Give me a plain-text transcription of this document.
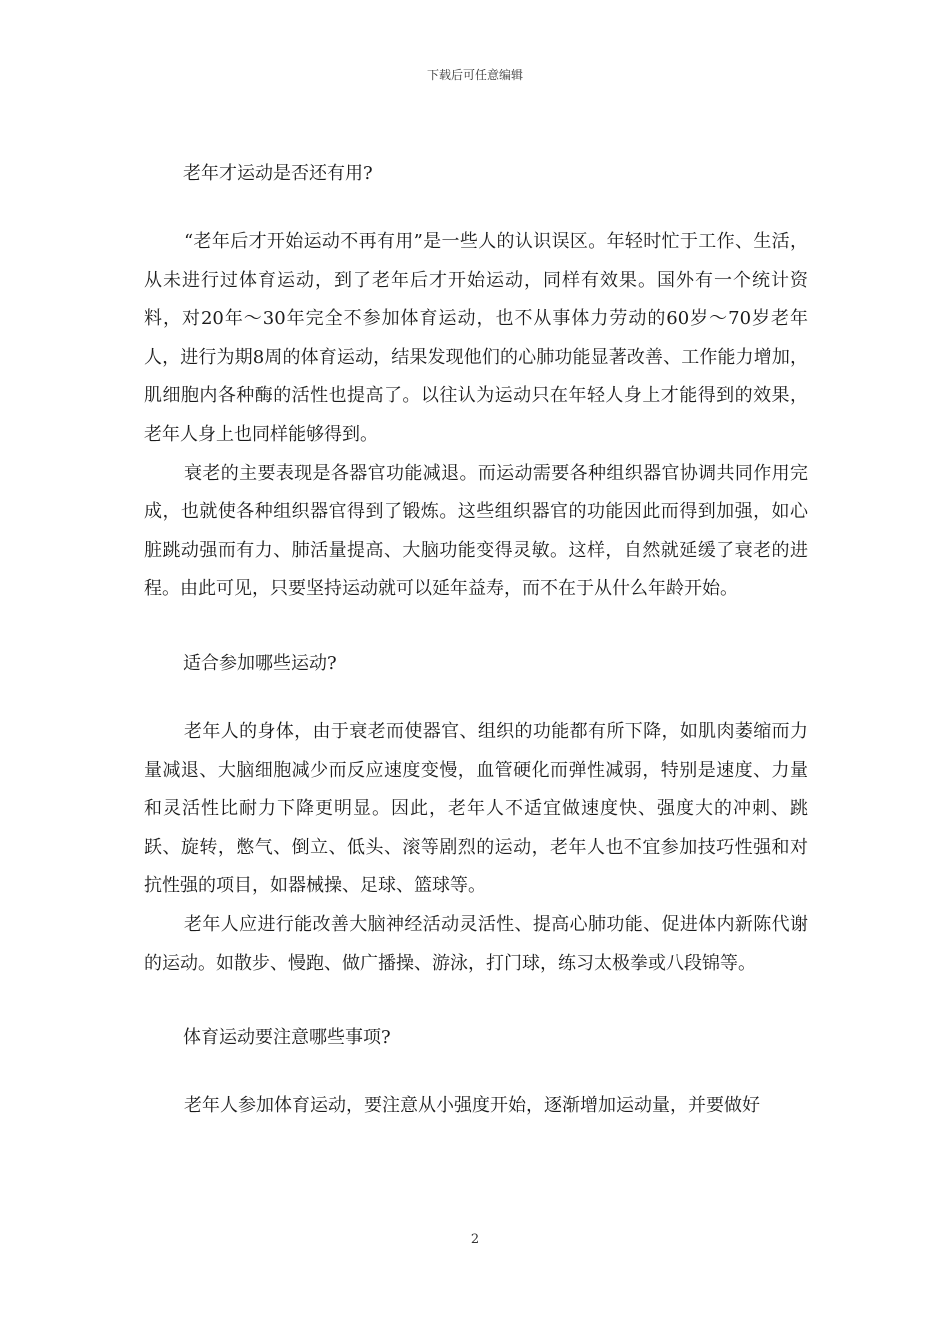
下载后可任意编辑

老年才运动是否还有用?

“老年后才开始运动不再有用”是一些人的认识误区。年轻时忙于工作、生活，从未进行过体育运动，到了老年后才开始运动，同样有效果。国外有一个统计资料，对20年～30年完全不参加体育运动，也不从事体力劳动的60岁～70岁老年人，进行为期8周的体育运动，结果发现他们的心肺功能显著改善、工作能力增加，肌细胞内各种酶的活性也提高了。以往认为运动只在年轻人身上才能得到的效果，老年人身上也同样能够得到。

衰老的主要表现是各器官功能减退。而运动需要各种组织器官协调共同作用完成，也就使各种组织器官得到了锻炼。这些组织器官的功能因此而得到加强，如心脏跳动强而有力、肺活量提高、大脑功能变得灵敏。这样，自然就延缓了衰老的进程。由此可见，只要坚持运动就可以延年益寿，而不在于从什么年龄开始。

适合参加哪些运动?

老年人的身体，由于衰老而使器官、组织的功能都有所下降，如肌肉萎缩而力量减退、大脑细胞减少而反应速度变慢，血管硬化而弹性减弱，特别是速度、力量和灵活性比耐力下降更明显。因此，老年人不适宜做速度快、强度大的冲刺、跳跃、旋转，憋气、倒立、低头、滚等剧烈的运动，老年人也不宜参加技巧性强和对抗性强的项目，如器械操、足球、篮球等。

老年人应进行能改善大脑神经活动灵活性、提高心肺功能、促进体内新陈代谢的运动。如散步、慢跑、做广播操、游泳，打门球，练习太极拳或八段锦等。

体育运动要注意哪些事项?

老年人参加体育运动，要注意从小强度开始，逐渐增加运动量，并要做好

2
